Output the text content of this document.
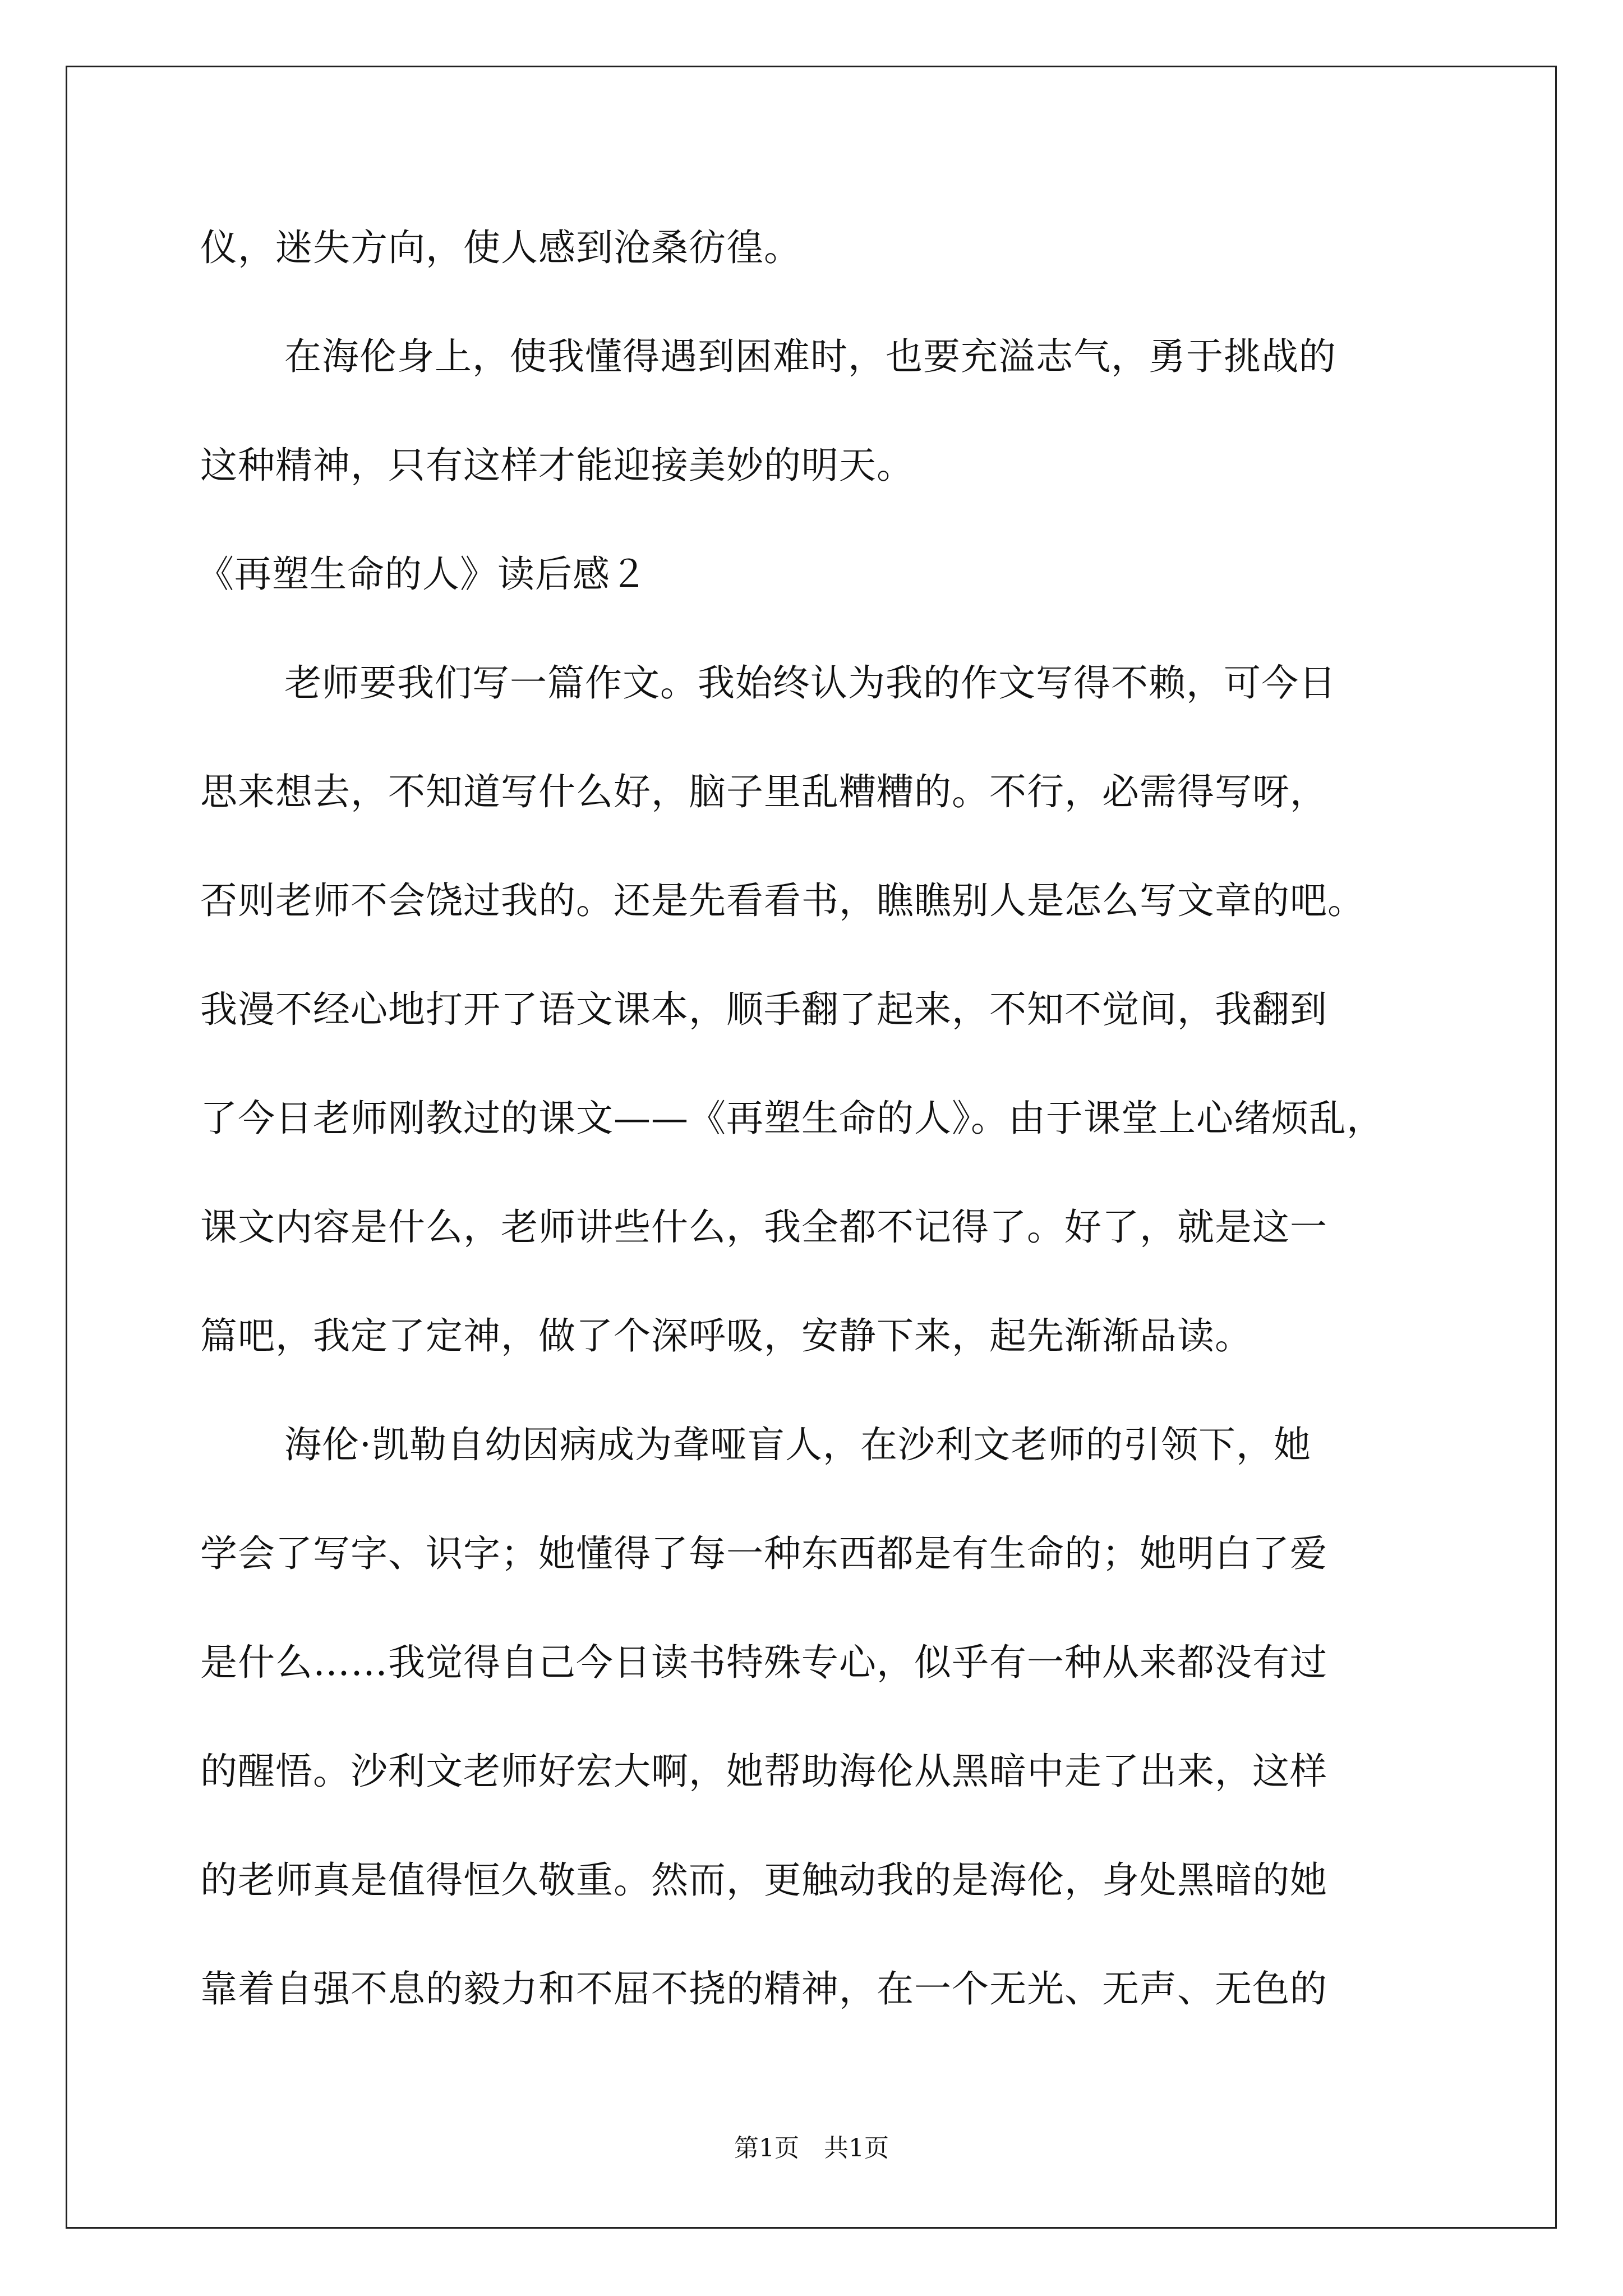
仪，迷失方向，使人感到沧桑彷徨。
在海伦身上，使我懂得遇到困难时，也要充溢志气，勇于挑战的
这种精神，只有这样才能迎接美妙的明天。
《再塑生命的人》读后感２
老师要我们写一篇作文。我始终认为我的作文写得不赖，可今日
思来想去，不知道写什么好，脑子里乱糟糟的。不行，必需得写呀，
否则老师不会饶过我的。还是先看看书，瞧瞧别人是怎么写文章的吧。
我漫不经心地打开了语文课本，顺手翻了起来，不知不觉间，我翻到
了今日老师刚教过的课文——《再塑生命的人》。由于课堂上心绪烦乱，
课文内容是什么，老师讲些什么，我全都不记得了。好了，就是这一
篇吧，我定了定神，做了个深呼吸，安静下来，起先渐渐品读。
海伦·凯勒自幼因病成为聋哑盲人，在沙利文老师的引领下，她
学会了写字、识字；她懂得了每一种东西都是有生命的；她明白了爱
是什么……我觉得自己今日读书特殊专心，似乎有一种从来都没有过
的醒悟。沙利文老师好宏大啊，她帮助海伦从黑暗中走了出来，这样
的老师真是值得恒久敬重。然而，更触动我的是海伦，身处黑暗的她
靠着自强不息的毅力和不屈不挠的精神，在一个无光、无声、无色的
第1页　共1页
